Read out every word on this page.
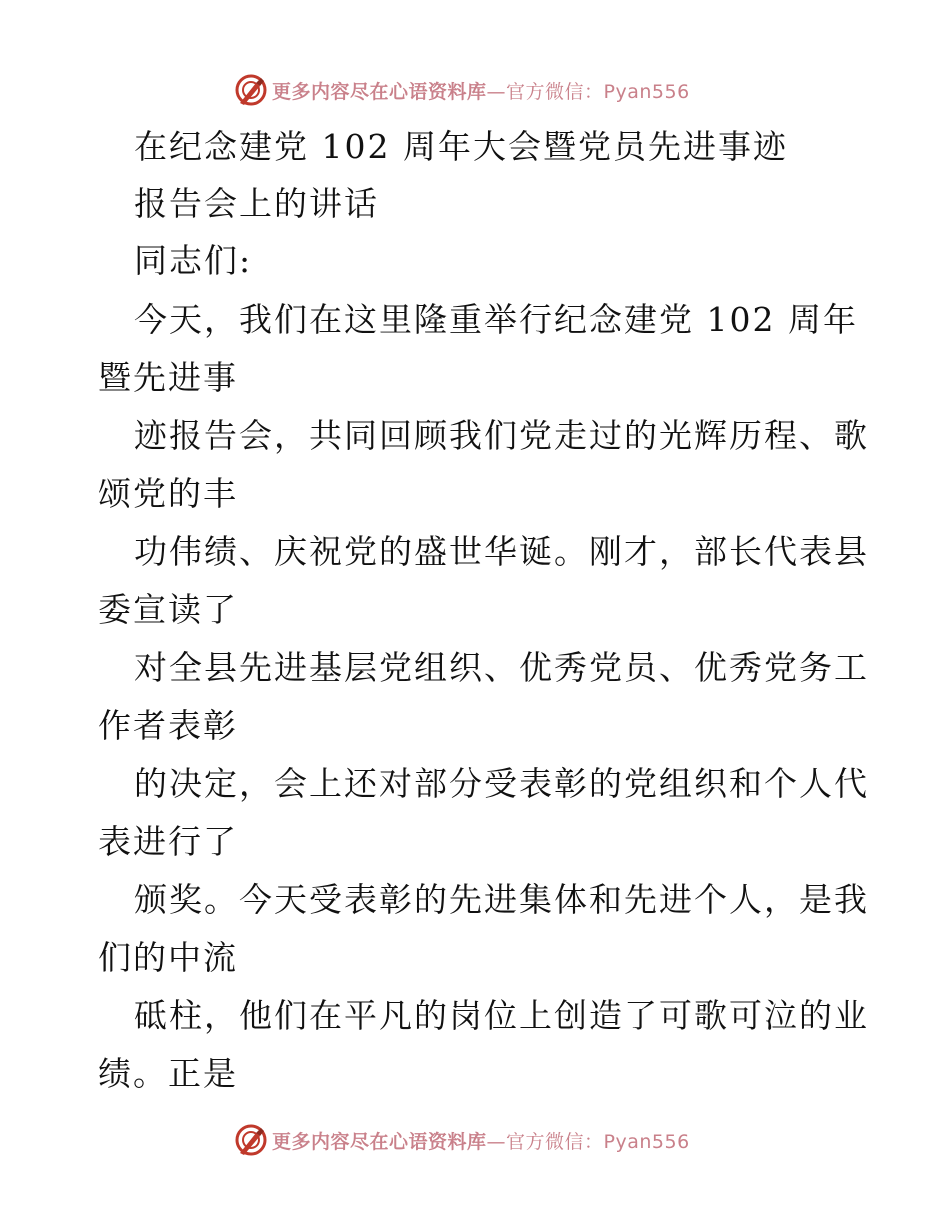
更多内容尽在心语资料库—官方微信：Pyan556
在纪念建党 102 周年大会暨党员先进事迹
报告会上的讲话
同志们:
今天，我们在这里隆重举行纪念建党 102 周年
暨先进事
迹报告会，共同回顾我们党走过的光辉历程、歌
颂党的丰
功伟绩、庆祝党的盛世华诞。刚才，部长代表县
委宣读了
对全县先进基层党组织、优秀党员、优秀党务工
作者表彰
的决定，会上还对部分受表彰的党组织和个人代
表进行了
颁奖。今天受表彰的先进集体和先进个人，是我
们的中流
砥柱，他们在平凡的岗位上创造了可歌可泣的业
绩。正是
更多内容尽在心语资料库—官方微信：Pyan556
